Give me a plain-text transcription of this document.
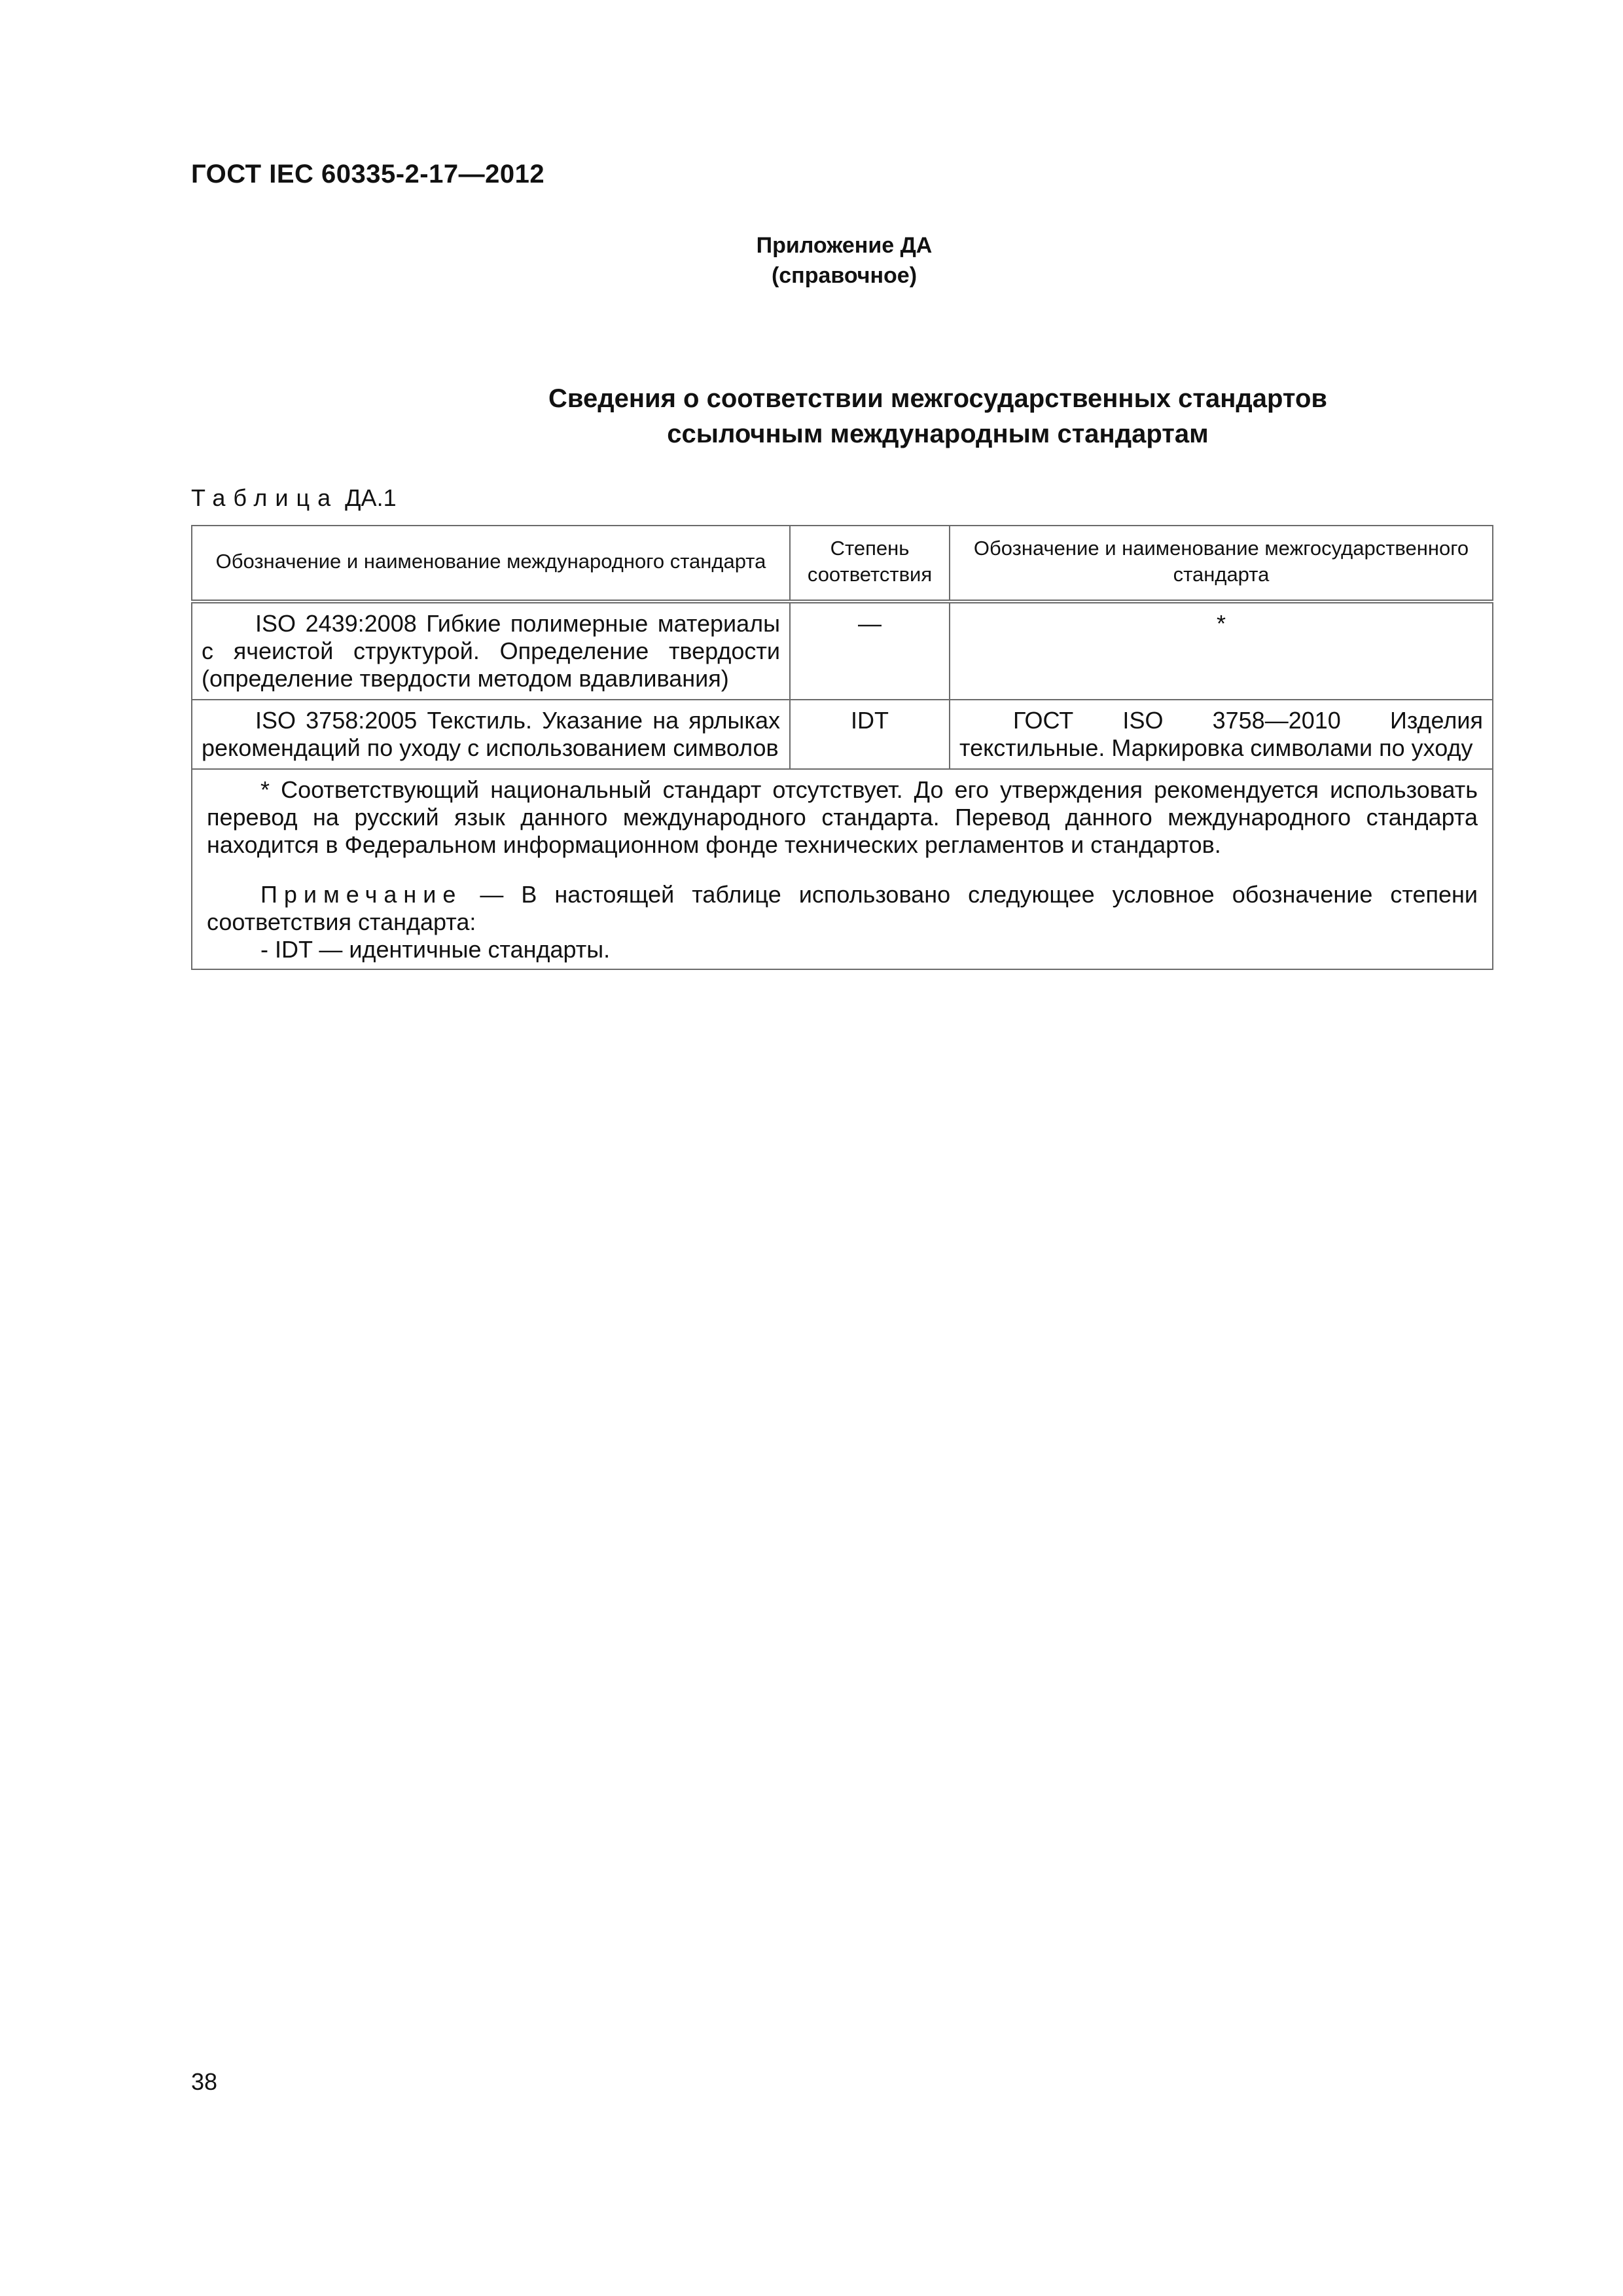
ГОСТ IEC 60335-2-17—2012
Приложение ДА
(справочное)
Сведения о соответствии межгосударственных стандартов
ссылочным международным стандартам
Таблица ДА.1
Обозначение и наименование международного стандарта	Степень соответствия	Обозначение и наименование межгосударственного стандарта
ISO 2439:2008 Гибкие полимерные материалы с ячеистой структурой. Определение твердости (определение твердости методом вдавливания)	—	*
ISO 3758:2005 Текстиль. Указание на ярлыках рекомендаций по уходу с использованием символов	IDT	ГОСТ ISO 3758—2010 Изделия текстильные. Маркировка символами по уходу

* Соответствующий национальный стандарт отсутствует. До его утверждения рекомендуется использовать перевод на русский язык данного международного стандарта. Перевод данного международного стандарта находится в Федеральном информационном фонде технических регламентов и стандартов.
Примечание — В настоящей таблице использовано следующее условное обозначение степени соответствия стандарта:
- IDT — идентичные стандарты.		
38
